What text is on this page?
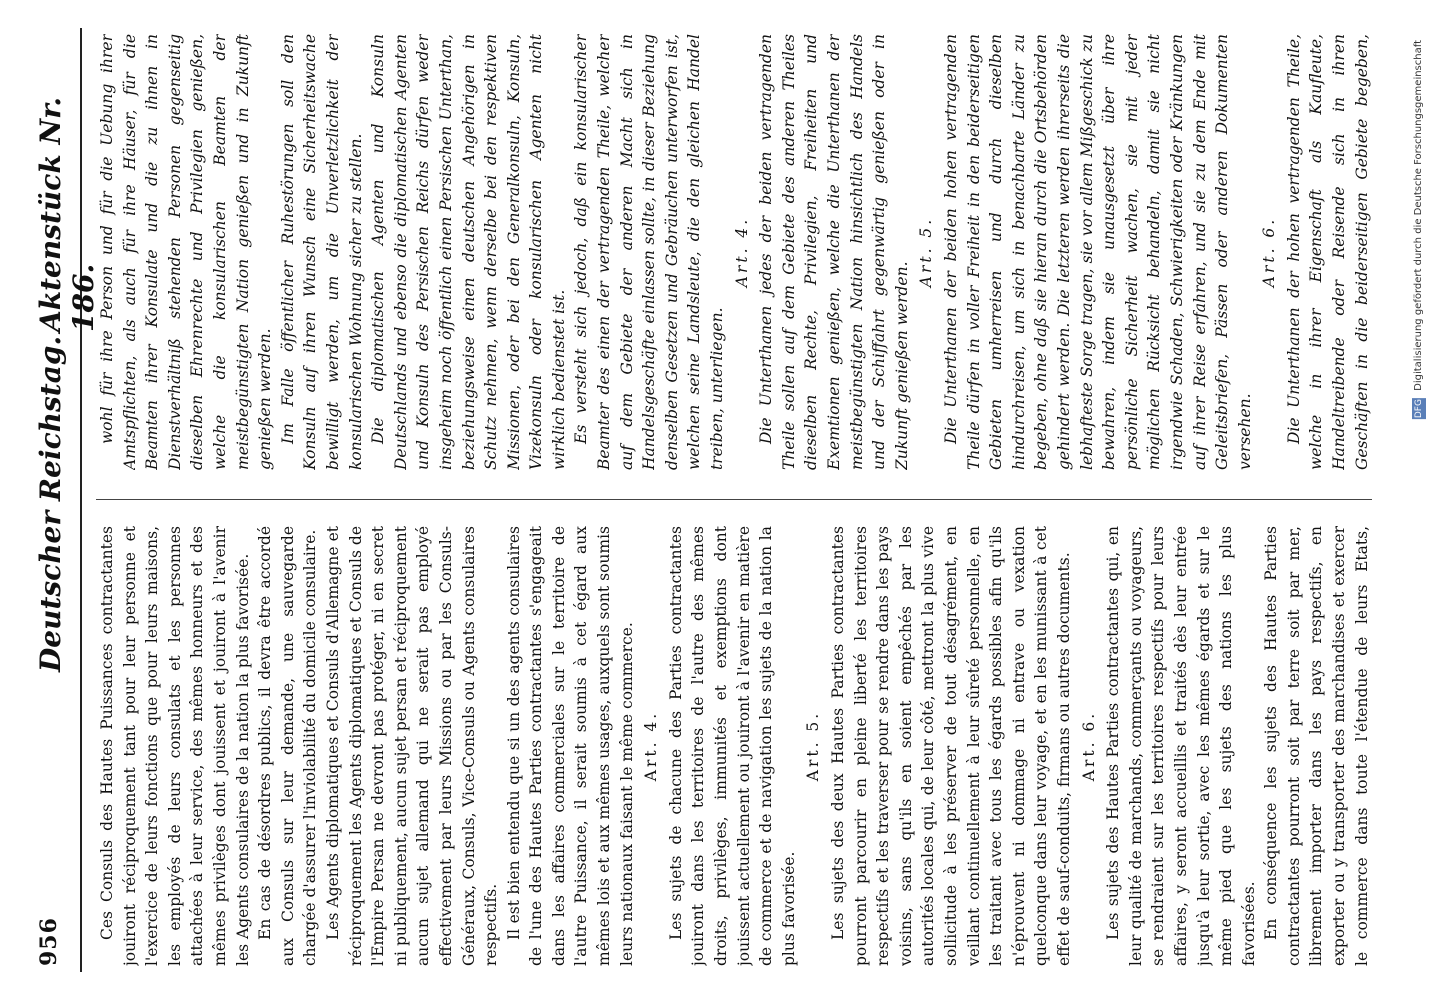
956
Deutscher Reichstag.
Aktenstück Nr. 186.

Ces Consuls des Hautes Puissances contractantes jouiront réciproquement tant pour leur personne et l'exercice de leurs fonctions que pour leurs maisons, les employés de leurs consulats et les personnes attachées à leur service, des mêmes honneurs et des mêmes privilèges dont jouissent et jouiront à l'avenir les Agents consulaires de la nation la plus favorisée. En cas de désordres publics, il devra être accordé aux Consuls sur leur demande, une sauvegarde chargée d'assurer l'inviolabilité du domicile consulaire. Les Agents diplomatiques et Consuls d'Allemagne et réciproquement les Agents diplomatiques et Consuls de l'Empire Persan ne devront pas protéger, ni en secret ni publiquement, aucun sujet persan et réciproquement aucun sujet allemand qui ne serait pas employé effectivement par leurs Missions ou par les Consuls-Généraux, Consuls, Vice-Consuls ou Agents consulaires respectifs. Il est bien entendu que si un des agents consulaires de l'une des Hautes Parties contractantes s'engageait dans les affaires commerciales sur le territoire de l'autre Puissance, il serait soumis à cet égard aux mêmes lois et aux mêmes usages, auxquels sont soumis leurs nationaux faisant le même commerce. Art. 4. Les sujets de chacune des Parties contractantes jouiront dans les territoires de l'autre des mêmes droits, privilèges, immunités et exemptions dont jouissent actuellement ou jouiront à l'avenir en matière de commerce et de navigation les sujets de la nation la plus favorisée.

Art. 5. Les sujets des deux Hautes Parties contractantes pourront parcourir en pleine liberté les territoires respectifs et les traverser pour se rendre dans les pays voisins, sans qu'ils en soient empêchés par les autorités locales qui, de leur côté, mettront la plus vive sollicitude à les préserver de tout désagrément, en veillant continuellement à leur sûreté personnelle, en les traitant avec tous les égards possibles afin qu'ils n'éprouvent ni dommage ni entrave ou vexation quelconque dans leur voyage, et en les munissant à cet effet de sauf-conduits, firmans ou autres documents. Art. 6. Les sujets des Hautes Parties contractantes qui, en leur qualité de marchands, commerçants ou voyageurs, se rendraient sur les territoires respectifs pour leurs affaires, y seront accueillis et traités dès leur entrée jusqu'à leur sortie, avec les mêmes égards et sur le même pied que les sujets des nations les plus favorisées. En conséquence les sujets des Hautes Parties contractantes pourront soit par terre soit par mer, librement importer dans les pays respectifs, en exporter ou y transporter des marchandises et exercer le commerce dans toute l'étendue de leurs Etats,

wohl für ihre Person und für die Uebung ihrer Amtspflichten, als auch für ihre Häuser, für die Beamten ihrer Konsulate und die zu ihnen in Dienstverhältniß stehenden Personen gegenseitig dieselben Ehrenrechte und Privilegien genießen, welche die konsularischen Beamten der meistbegünstigten Nation genießen und in Zukunft genießen werden. Im Falle öffentlicher Ruhestörungen soll den Konsuln auf ihren Wunsch eine Sicherheitswache bewilligt werden, um die Unverletzlichkeit der konsularischen Wohnung sicher zu stellen. Die diplomatischen Agenten und Konsuln Deutschlands und ebenso die diplomatischen Agenten und Konsuln des Persischen Reichs dürfen weder insgeheim noch öffentlich einen Persischen Unterthan, beziehungsweise einen deutschen Angehörigen in Schutz nehmen, wenn derselbe bei den respektiven Missionen, oder bei den Generalkonsuln, Konsuln, Vizekonsuln oder konsularischen Agenten nicht wirklich bedienstet ist. Es versteht sich jedoch, daß ein konsularischer Beamter des einen der vertragenden Theile, welcher auf dem Gebiete der anderen Macht sich in Handelsgeschäfte einlassen sollte, in dieser Beziehung denselben Gesetzen und Gebräuchen unterworfen ist, welchen seine Landsleute, die den gleichen Handel treiben, unterliegen.

Art. 4. Die Unterthanen jedes der beiden vertragenden Theile sollen auf dem Gebiete des anderen Theiles dieselben Rechte, Privilegien, Freiheiten und Exemtionen genießen, welche die Unterthanen der meistbegünstigten Nation hinsichtlich des Handels und der Schiffahrt gegenwärtig genießen oder in Zukunft genießen werden.

Art. 5. Die Unterthanen der beiden hohen vertragenden Theile dürfen in voller Freiheit in den beiderseitigen Gebieten umherreisen und durch dieselben hindurchreisen, um sich in benachbarte Länder zu begeben, ohne daß sie hieran durch die Ortsbehörden gehindert werden. Die letzteren werden ihrerseits die lebhafteste Sorge tragen, sie vor allem Mißgeschick zu bewahren, indem sie unausgesetzt über ihre persönliche Sicherheit wachen, sie mit jeder möglichen Rücksicht behandeln, damit sie nicht irgendwie Schaden, Schwierigkeiten oder Kränkungen auf ihrer Reise erfahren, und sie zu dem Ende mit Geleitsbriefen, Pässen oder anderen Dokumenten versehen.

Art. 6.

Die Unterthanen der hohen vertragenden Theile, welche in ihrer Eigenschaft als Kaufleute, Handeltreibende oder Reisende sich in ihren Geschäften in die beiderseitigen Gebiete begeben,

DFG Digitalisierung gefördert durch die Deutsche Forschungsgemeinschaft
